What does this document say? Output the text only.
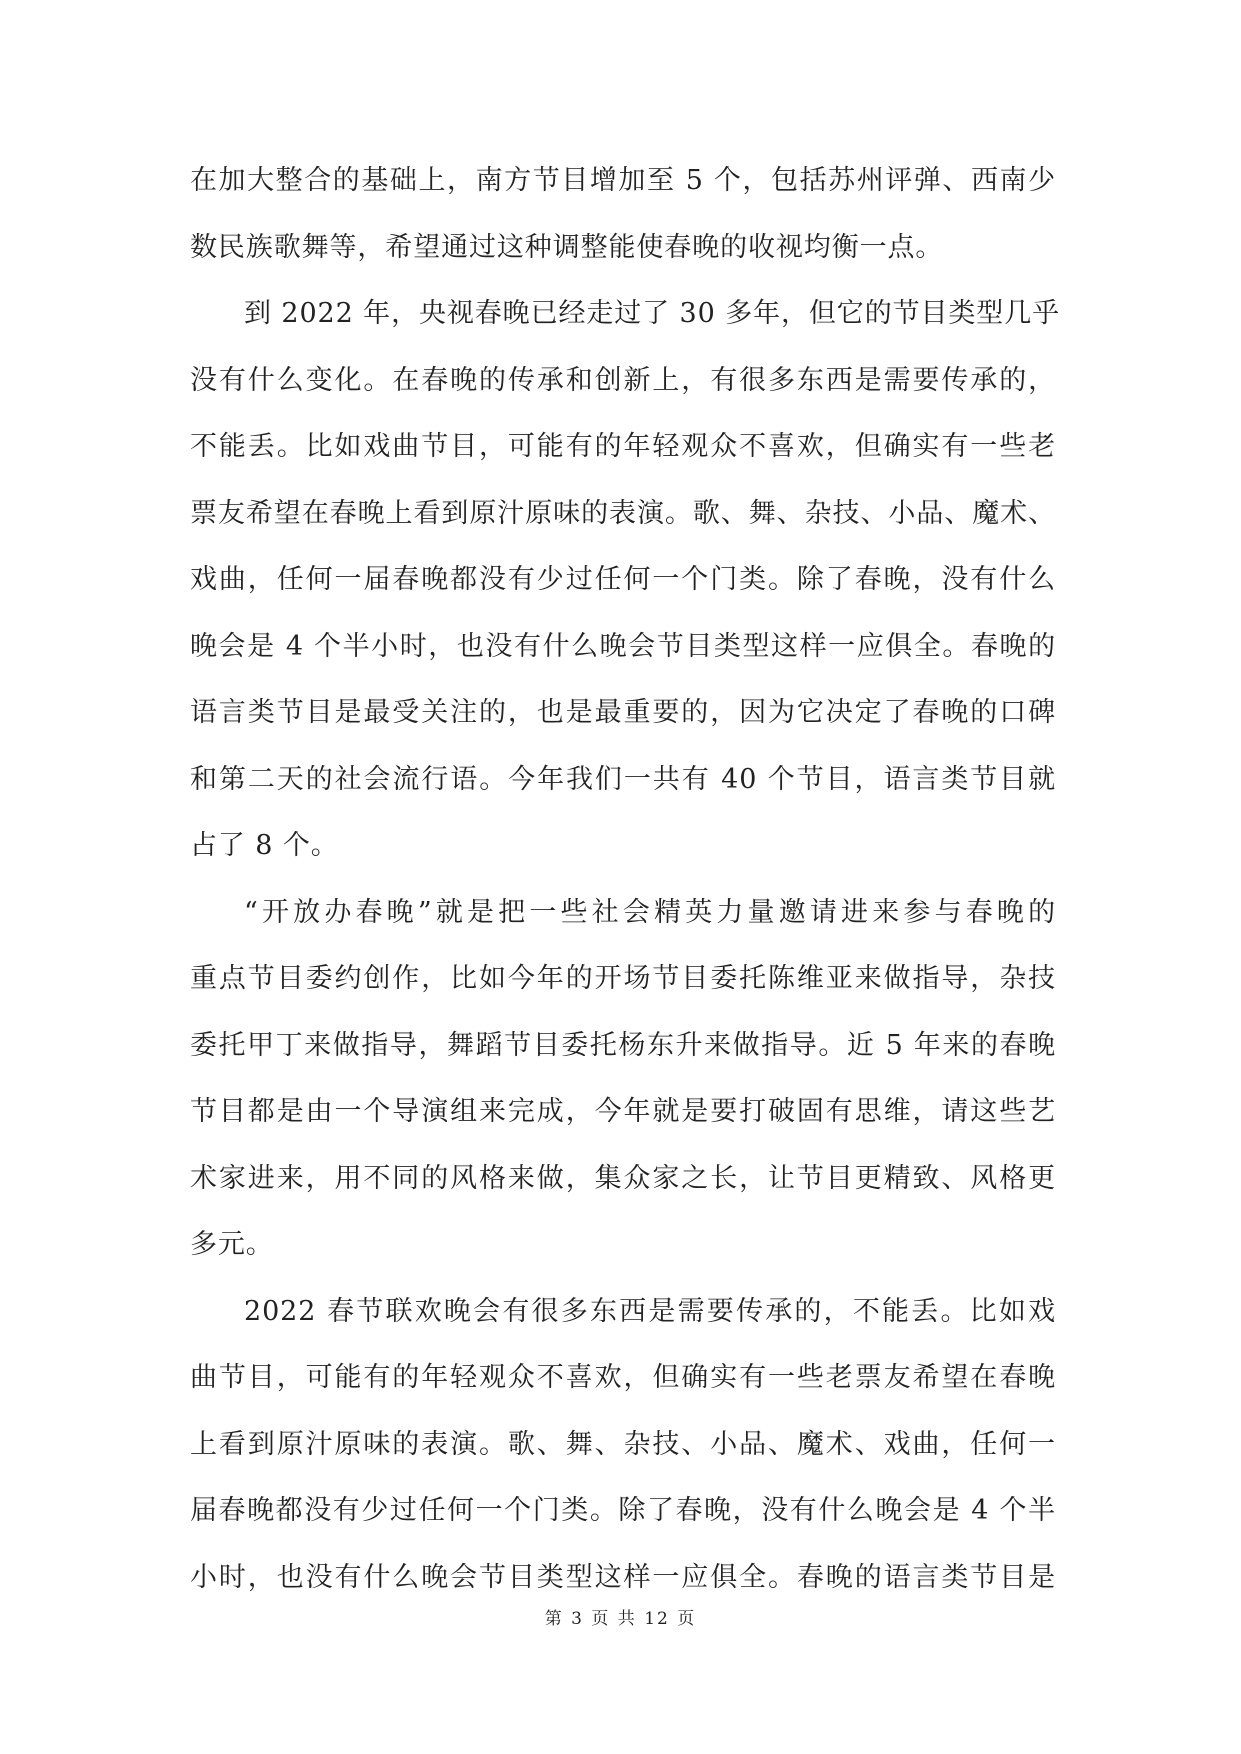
在加大整合的基础上，南方节目增加至 5 个，包括苏州评弹、西南少
数民族歌舞等，希望通过这种调整能使春晚的收视均衡一点。
到 2022 年，央视春晚已经走过了 30 多年，但它的节目类型几乎
没有什么变化。在春晚的传承和创新上，有很多东西是需要传承的，
不能丢。比如戏曲节目，可能有的年轻观众不喜欢，但确实有一些老
票友希望在春晚上看到原汁原味的表演。歌、舞、杂技、小品、魔术、
戏曲，任何一届春晚都没有少过任何一个门类。除了春晚，没有什么
晚会是 4 个半小时，也没有什么晚会节目类型这样一应俱全。春晚的
语言类节目是最受关注的，也是最重要的，因为它决定了春晚的口碑
和第二天的社会流行语。今年我们一共有 40 个节目，语言类节目就
占了 8 个。
“开放办春晚”就是把一些社会精英力量邀请进来参与春晚的
重点节目委约创作，比如今年的开场节目委托陈维亚来做指导，杂技
委托甲丁来做指导，舞蹈节目委托杨东升来做指导。近 5 年来的春晚
节目都是由一个导演组来完成，今年就是要打破固有思维，请这些艺
术家进来，用不同的风格来做，集众家之长，让节目更精致、风格更
多元。
2022 春节联欢晚会有很多东西是需要传承的，不能丢。比如戏
曲节目，可能有的年轻观众不喜欢，但确实有一些老票友希望在春晚
上看到原汁原味的表演。歌、舞、杂技、小品、魔术、戏曲，任何一
届春晚都没有少过任何一个门类。除了春晚，没有什么晚会是 4 个半
小时，也没有什么晚会节目类型这样一应俱全。春晚的语言类节目是
第 3 页 共 12 页
